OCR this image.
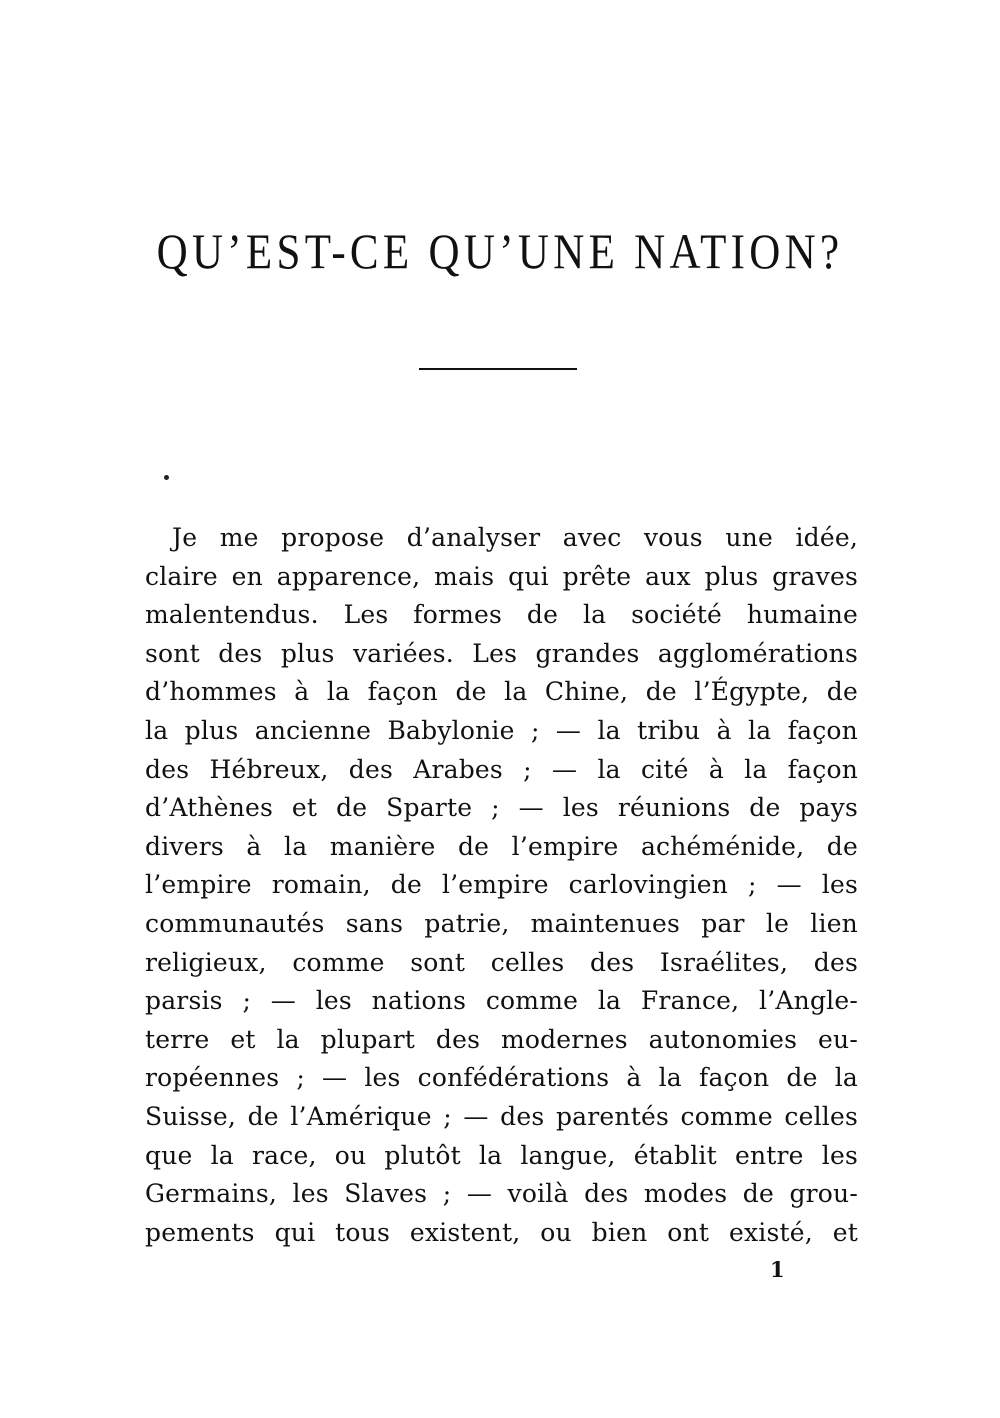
QU’EST-CE QU’UNE NATION?
Je me propose d’analyser avec vous une idée,
claire en apparence, mais qui prête aux plus graves
malentendus. Les formes de la société humaine
sont des plus variées. Les grandes agglomérations
d’hommes à la façon de la Chine, de l’Égypte, de
la plus ancienne Babylonie ; — la tribu à la façon
des Hébreux, des Arabes ; — la cité à la façon
d’Athènes et de Sparte ; — les réunions de pays
divers à la manière de l’empire achéménide, de
l’empire romain, de l’empire carlovingien ; — les
communautés sans patrie, maintenues par le lien
religieux, comme sont celles des Israélites, des
parsis ; — les nations comme la France, l’Angle-
terre et la plupart des modernes autonomies eu-
ropéennes ; — les confédérations à la façon de la
Suisse, de l’Amérique ; — des parentés comme celles
que la race, ou plutôt la langue, établit entre les
Germains, les Slaves ; — voilà des modes de grou-
pements qui tous existent, ou bien ont existé, et
1
